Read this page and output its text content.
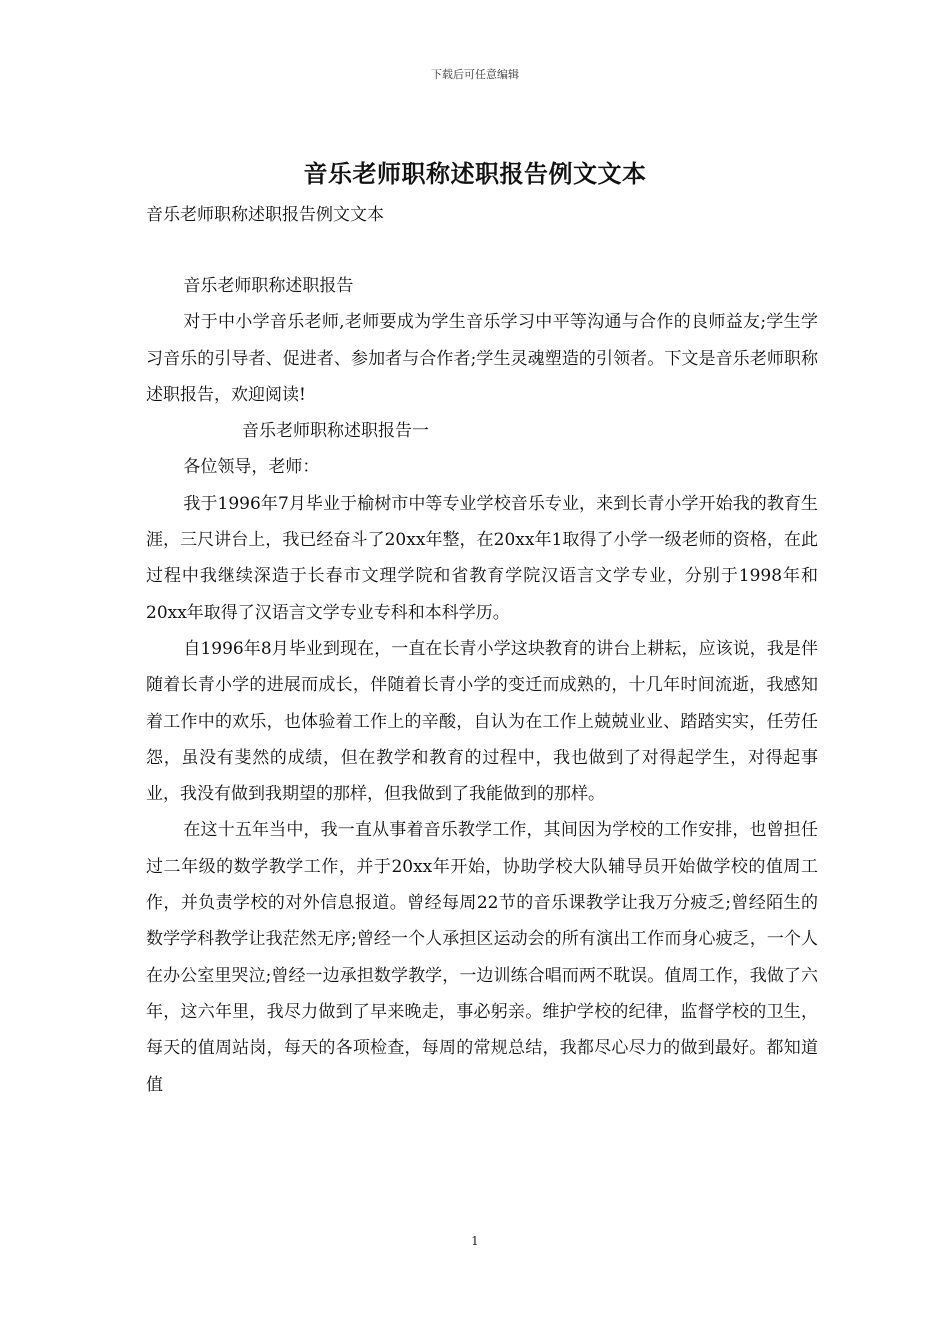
下载后可任意编辑
音乐老师职称述职报告例文文本
音乐老师职称述职报告例文文本

音乐老师职称述职报告

对于中小学音乐老师,老师要成为学生音乐学习中平等沟通与合作的良师益友;学生学习音乐的引导者、促进者、参加者与合作者;学生灵魂塑造的引领者。下文是音乐老师职称述职报告，欢迎阅读!

音乐老师职称述职报告一

各位领导，老师：

我于1996年7月毕业于榆树市中等专业学校音乐专业，来到长青小学开始我的教育生涯，三尺讲台上，我已经奋斗了20xx年整，在20xx年1取得了小学一级老师的资格，在此过程中我继续深造于长春市文理学院和省教育学院汉语言文学专业，分别于1998年和20xx年取得了汉语言文学专业专科和本科学历。

自1996年8月毕业到现在，一直在长青小学这块教育的讲台上耕耘，应该说，我是伴随着长青小学的进展而成长，伴随着长青小学的变迁而成熟的，十几年时间流逝，我感知着工作中的欢乐，也体验着工作上的辛酸，自认为在工作上兢兢业业、踏踏实实，任劳任怨，虽没有斐然的成绩，但在教学和教育的过程中，我也做到了对得起学生，对得起事业，我没有做到我期望的那样，但我做到了我能做到的那样。

在这十五年当中，我一直从事着音乐教学工作，其间因为学校的工作安排，也曾担任过二年级的数学教学工作，并于20xx年开始，协助学校大队辅导员开始做学校的值周工作，并负责学校的对外信息报道。曾经每周22节的音乐课教学让我万分疲乏;曾经陌生的数学学科教学让我茫然无序;曾经一个人承担区运动会的所有演出工作而身心疲乏，一个人在办公室里哭泣;曾经一边承担数学教学，一边训练合唱而两不耽误。值周工作，我做了六年，这六年里，我尽力做到了早来晚走，事必躬亲。维护学校的纪律，监督学校的卫生，每天的值周站岗，每天的各项检查，每周的常规总结，我都尽心尽力的做到最好。都知道值

1
